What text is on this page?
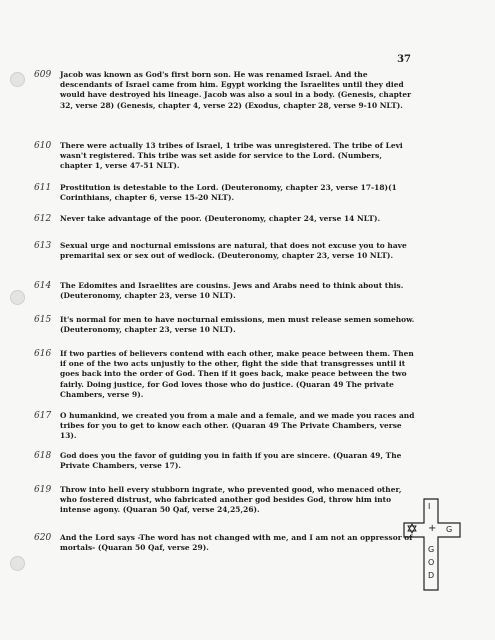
37
609 Jacob was known as God's first born son. He was renamed Israel. And the descendants of Israel came from him. Egypt working the Israelites until they died would have destroyed his lineage. Jacob was also a soul in a body. (Genesis, chapter 32, verse 28) (Genesis, chapter 4, verse 22) (Exodus, chapter 28, verse 9-10 NLT).
610 There were actually 13 tribes of Israel, 1 tribe was unregistered. The tribe of Levi wasn't registered. This tribe was set aside for service to the Lord. (Numbers, chapter 1, verse 47-51 NLT).
611 Prostitution is detestable to the Lord. (Deuteronomy, chapter 23, verse 17-18)(1 Corinthians, chapter 6, verse 15-20 NLT).
612 Never take advantage of the poor. (Deuteronomy, chapter 24, verse 14 NLT).
613 Sexual urge and nocturnal emissions are natural, that does not excuse you to have premarital sex or sex out of wedlock. (Deuteronomy, chapter 23, verse 10 NLT).
614 The Edomites and Israelites are cousins. Jews and Arabs need to think about this. (Deuteronomy, chapter 23, verse 10 NLT).
615 It's normal for men to have nocturnal emissions, men must release semen somehow. (Deuteronomy, chapter 23, verse 10 NLT).
616 If two parties of believers contend with each other, make peace between them. Then if one of the two acts unjustly to the other, fight the side that transgresses until it goes back into the order of God. Then if it goes back, make peace between the two fairly. Doing justice, for God loves those who do justice. (Quaran 49 The private Chambers, verse 9).
617 O humankind, we created you from a male and a female, and we made you races and tribes for you to get to know each other. (Quaran 49 The Private Chambers, verse 13).
618 God does you the favor of guiding you in faith if you are sincere. (Quaran 49, The Private Chambers, verse 17).
619 Throw into hell every stubborn ingrate, who prevented good, who menaced other, who fostered distrust, who fabricated another god besides God, throw him into intense agony. (Quaran 50 Qaf, verse 24,25,26).
620 And the Lord says -The word has not changed with me, and I am not an oppressor of mortals- (Quaran 50 Qaf, verse 29).
I
+ G
G
O
D
